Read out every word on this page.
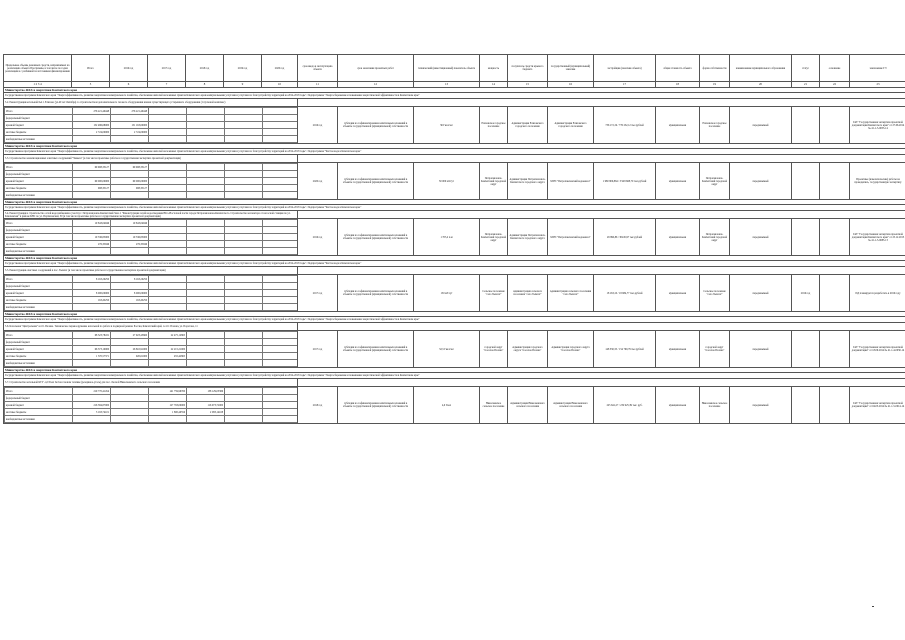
Предельные объемы денежных средств, направляемых на реализацию объекта Программы, в том числе по годам реализации и с разбивкой по источникам финансирования	Итого	2016 год	2017 год	2018 год	2019 год	2020 год	срок ввода в эксплуатацию объекта	срок окончания проектных работ	технический (инвестиционный) показатель объекта	мощность	получатель средств краевого бюджета	государственный (муниципальный) заказчик	застройщик (заказчик объекта)	общая стоимость объекта	форма собственности	наименование муниципального образования	статус	основание	заключение ГЭ
1 2 3 4	5	6	7	8	9	10	11	12	13	14	15	16	17	18	19	20	21	22	23
Министерство ЖКХ и энергетики Камчатского края
Государственная программа Камчатского края "Энергоэффективность, развитие энергетики и коммунального хозяйства, обеспечение жителей населенных пунктов Камчатского края коммунальными услугами и услугами по благоустройству территорий на 2014-2018 годы". Подпрограмма "Энергосбережение и повышение энергетической эффективности в Камчатском крае"
5.2. Реконструкция котельной №4 г. Елизово (ул.40 лет Октября) со строительством дополнительного газового оборудования взамен существующего устаревшего оборудования (1 пусковой комплекс)	

Итого	276 221,40448	276 221,40448				
федеральный бюджет						
краевой бюджет	152 486,68000	151 163,60000				
местные бюджеты	2 724,00000	2 724,00000				
внебюджетные источники						
	2016 год	субсидии на софинансирование капитальных вложений в объекты государственной (муниципальной) собственности	36 Гкал/час	Елизовское городское поселение	Администрация Елизовского городского поселения	Администрация Елизовского городского поселения	736 172,19 / 776 252,12 тыс.рублей	муниципальная	Елизовское городское поселение	передаваемый			ГАУ "Государственная экспертиза проектной документации Камчатского края" от 27.06.2014 № 41-1-5-0053-14
Министерство ЖКХ и энергетики Камчатского края
Государственная программа Камчатского края "Энергоэффективность, развитие энергетики и коммунального хозяйства, обеспечение жителей населенных пунктов Камчатского края коммунальными услугами и услугами по благоустройству территорий на 2014-2018 годы". Подпрограмма "Чистая вода в Камчатском крае"
5.3. Строительство канализационных очистных сооружений "Чавыча" (в том числе проектные работы и государственная экспертиза проектной документации)	

Итого	69 908,35127	69 908,35127				
федеральный бюджет						
краевой бюджет	69 000,00000	69 000,00000				
местные бюджеты	908,35127	908,35127				
внебюджетные источники						
	2020 год	субсидии на софинансирование капитальных вложений в объекты государственной (муниципальной) собственности	30 000 м3/сут	Петропавловск-Камчатский городской округ	Администрация Петропавловск-Камчатского городского округа	МУП "Петропавловский водоканал"	1 980 800,864 / 3 928 668,70 тыс.рублей	муниципальная	Петропавловск-Камчатский городской округ	передаваемый			Проектные (изыскательские) работы не проводились, государственную экспертизу
Министерство ЖКХ и энергетики Камчатского края
Государственная программа Камчатского края "Энергоэффективность, развитие энергетики и коммунального хозяйства, обеспечение жителей населенных пунктов Камчатского края коммунальными услугами и услугами по благоустройству территорий на 2014-2018 годы". Подпрограмма "Чистая вода в Камчатском крае"
5.4. Реконструкция и строительство сетей водоснабжения к участку г. Петропавловск-Камчатский Зона 1 "Реконструкция сетей водоотведения Юго-Восточной части города Петропавловска-Камчатского. Строительство коллектора от насосной станции по ул. Ключевская" в районе КНС по ул. Партизанской, 30 (в том числе проектные работы и государственная экспертиза проектной документации)	

Итого	19 843,04946	19 843,04946				
федеральный бюджет						
краевой бюджет	19 536,85000	19 536,85000				
местные бюджеты	276,35946	276,35946				
внебюджетные источники						
	2016 год	субсидии на софинансирование капитальных вложений в объекты государственной (муниципальной) собственности	1 705,2 п.м	Петропавловск-Камчатский городской округ	Администрация Петропавловск-Камчатского городского округа	МУП "Петропавловский водоканал"	29 890,86 / 30245,97 тыс.рублей	муниципальная	Петропавловск-Камчатский городской округ	передаваемый			ГАУ "Государственная экспертиза проектной документации Камчатского края" от 25.12.2013 № 41-1-5-0083-13
Министерство ЖКХ и энергетики Камчатского края
Государственная программа Камчатского края "Энергоэффективность, развитие энергетики и коммунального хозяйства, обеспечение жителей населенных пунктов Камчатского края коммунальными услугами и услугами по благоустройству территорий на 2014-2018 годы". Подпрограмма "Чистая вода в Камчатском крае"
5.5. Реконструкция очистных сооружений в пос. Тымлат (в том числе проектные работы и государственная экспертиза проектной документации)	

Итого	8 163,20250	8 163,20250				
федеральный бюджет						
краевой бюджет	8 000,00000	8 000,00000				
местные бюджеты	163,20250	163,20250				
внебюджетные источники						
	2017 год	субсидии на софинансирование капитальных вложений в объекты государственной (муниципальной) собственности	150 м3/сут	Сельское поселение "село Тымлат"	Администрация сельского поселения "село Тымлат"	Администрация сельского поселения "село Тымлат"	18 163,10 / 18 984,77 тыс.рублей	муниципальная	Сельское поселение "село Тымлат"	передаваемый	2016 год		ПД планируется разработать в 2016 году
Министерство ЖКХ и энергетики Камчатского края
Государственная программа Камчатского края "Энергоэффективность, развитие энергетики и коммунального хозяйства, обеспечение жителей населенных пунктов Камчатского края коммунальными услугами и услугами по благоустройству территорий на 2014-2018 годы". Подпрограмма "Энергосбережение и повышение энергетической эффективности в Камчатском крае"
5.6. Котельная "Центральная" в пгт. Палана. Техническое перевооружение котельной по работе в подварной режим. Россия, Камчатский край, п. пгт. Палана, ул. Поротова, 11	

Итого	68 323,78431	27 923,43660	22 475,12865			
федеральный бюджет						
краевой бюджет	66 373,10000	26 810,91000	22 215,21000			
местные бюджеты	1 370,57371	920,61000	455,42865			
внебюджетные источники						
	2017 год	субсидии на софинансирование капитальных вложений в объекты государственной (муниципальной) собственности	32,5 Гкал/час	городской округ "поселок Палана"	Администрация городского округа "поселок Палана"	Администрация городского округа "поселок Палана"	148 330,35 / 154 790,79 тыс.рублей	муниципальная	городской округ "поселок Палана"	передаваемый			ГАУ "Государственная экспертиза проектной документации" от 18.09.2014 № 41-1-4-0030-14
Министерство ЖКХ и энергетики Камчатского края
Государственная программа Камчатского края "Энергоэффективность, развитие энергетики и коммунального хозяйства, обеспечение жителей населенных пунктов Камчатского края коммунальными услугами и услугами по благоустройству территорий на 2014-2018 годы". Подпрограмма "Энергосбережение и повышение энергетической эффективности в Камчатском крае"
5.7. Строительство котельной КТУ -4,0 Гкал №3 на газовом топливе (резервное-уголь) для пос. Лесной Николаевского сельского поселения	

Итого	219 770,41454		141 759,96760	138 129,03386		
федеральный бюджет						
краевой бюджет	216 384,87000		127 793,00000	116 973,72000		
местные бюджеты	3 193,74101		1 800,40556	2 083,14108		
внебюджетные источники						
	2018 год	субсидии на софинансирование капитальных вложений в объекты государственной (муниципальной) собственности	4,0 Гкал	Николаевское сельское поселение	Администрация Николаевского сельского поселения	Администрация Николаевского сельского поселения	225 641,27 / 232 925,39 тыс. руб.	муниципальная	Николаевское сельское поселение	передаваемый			ГАУ "Государственная экспертиза проектной документации" от 04.03.2014 № 41-1-5-0014-14
